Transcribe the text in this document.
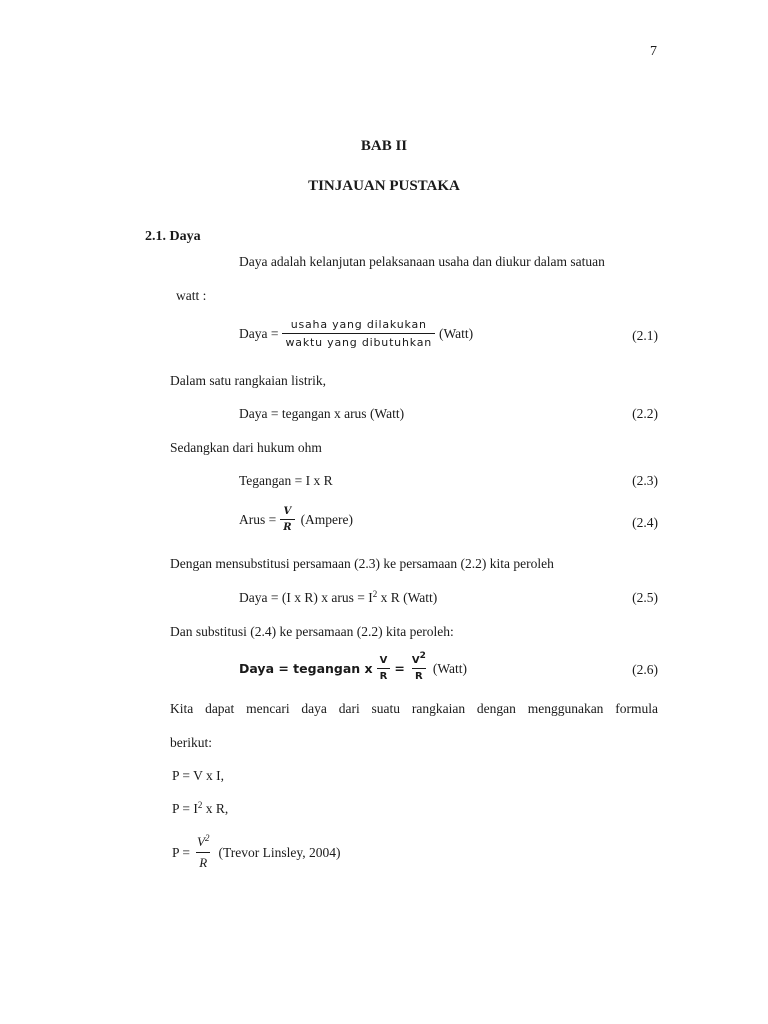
7
BAB II
TINJAUAN PUSTAKA
2.1. Daya
Daya adalah kelanjutan pelaksanaan usaha dan diukur dalam satuan
watt :
Daya = $\frac{\text{usaha yang dilakukan}}{\text{waktu yang dibutuhkan}}$ (Watt)	(2.1)
Dalam satu rangkaian listrik,
Daya = tegangan x arus (Watt)	(2.2)
Sedangkan dari hukum ohm
Tegangan = I x R	(2.3)
Arus = $\frac{V}{R}$ (Ampere)	(2.4)
Dengan mensubstitusi persamaan (2.3) ke persamaan (2.2) kita peroleh
Daya = (I x R) x arus = $I^2$ x R (Watt)	(2.5)
Dan substitusi (2.4) ke persamaan (2.2) kita peroleh:
Daya = tegangan x $\frac{V}{R} = \frac{V^2}{R}$ (Watt)	(2.6)
Kita dapat mencari daya dari suatu rangkaian dengan menggunakan formula
berikut:
P = V x I,
$P = I^2$ x R,
$P = \frac{V^2}{R}$ (Trevor Linsley, 2004)
